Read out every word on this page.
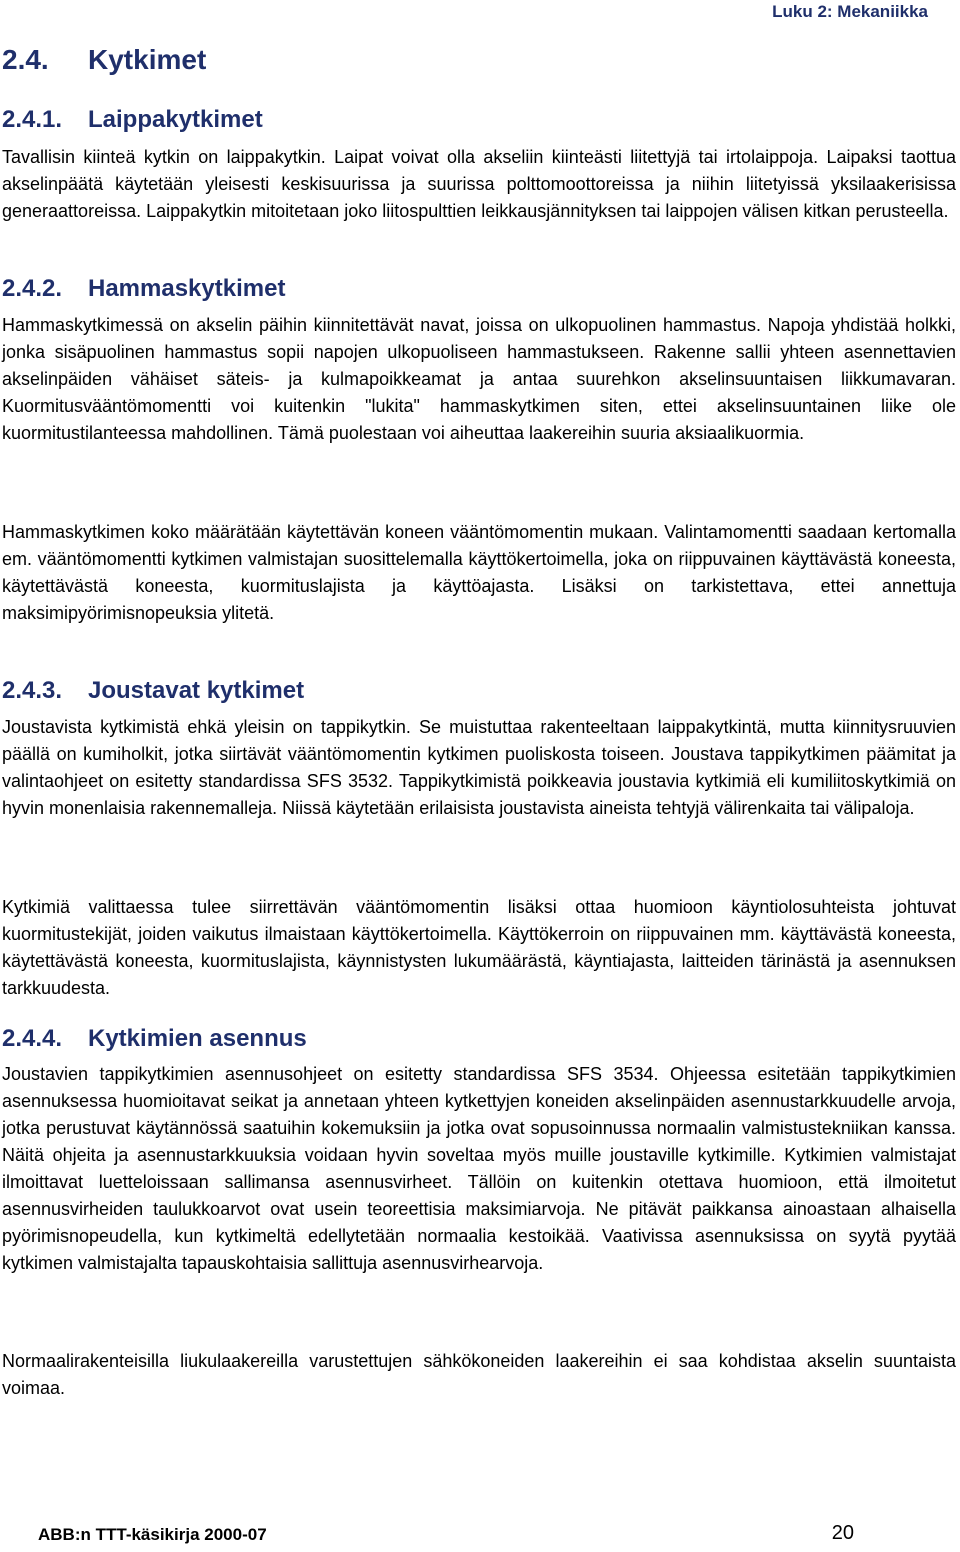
Luku 2: Mekaniikka
2.4. Kytkimet
2.4.1. Laippakytkimet

Tavallisin kiinteä kytkin on laippakytkin. Laipat voivat olla akseliin kiinteästi liitettyjä tai irtolaippoja. Laipaksi taottua akselinpäätä käytetään yleisesti keskisuurissa ja suurissa polttomoottoreissa ja niihin liitetyissä yksilaakerisissa generaattoreissa. Laippakytkin mitoitetaan joko liitospulttien leikkausjännityksen tai laippojen välisen kitkan perusteella.

2.4.2. Hammaskytkimet

Hammaskytkimessä on akselin päihin kiinnitettävät navat, joissa on ulkopuolinen hammastus. Napoja yhdistää holkki, jonka sisäpuolinen hammastus sopii napojen ulkopuoliseen hammastukseen. Rakenne sallii yhteen asennettavien akselinpäiden vähäiset säteis- ja kulmapoikkeamat ja antaa suurehkon akselinsuuntaisen liikkumavaran. Kuormitusvääntömomentti voi kuitenkin "lukita" hammaskytkimen siten, ettei akselinsuuntainen liike ole kuormitustilanteessa mahdollinen. Tämä puolestaan voi aiheuttaa laakereihin suuria aksiaalikuormia.

Hammaskytkimen koko määrätään käytettävän koneen vääntömomentin mukaan. Valintamomentti saadaan kertomalla em. vääntömomentti kytkimen valmistajan suosittelemalla käyttökertoimella, joka on riippuvainen käyttävästä koneesta, käytettävästä koneesta, kuormituslajista ja käyttöajasta. Lisäksi on tarkistettava, ettei annettuja maksimipyörimisnopeuksia ylitetä.

2.4.3. Joustavat kytkimet

Joustavista kytkimistä ehkä yleisin on tappikytkin. Se muistuttaa rakenteeltaan laippakytkintä, mutta kiinnitysruuvien päällä on kumiholkit, jotka siirtävät vääntömomentin kytkimen puoliskosta toiseen. Joustava tappikytkimen päämitat ja valintaohjeet on esitetty standardissa SFS 3532. Tappikytkimistä poikkeavia joustavia kytkimiä eli kumiliitoskytkimiä on hyvin monenlaisia rakennemalleja. Niissä käytetään erilaisista joustavista aineista tehtyjä välirenkaita tai välipaloja.

Kytkimiä valittaessa tulee siirrettävän vääntömomentin lisäksi ottaa huomioon käyntiolosuhteista johtuvat kuormitustekijät, joiden vaikutus ilmaistaan käyttökertoimella. Käyttökerroin on riippuvainen mm. käyttävästä koneesta, käytettävästä koneesta, kuormituslajista, käynnistysten lukumäärästä, käyntiajasta, laitteiden tärinästä ja asennuksen tarkkuudesta.

2.4.4. Kytkimien asennus

Joustavien tappikytkimien asennusohjeet on esitetty standardissa SFS 3534. Ohjeessa esitetään tappikytkimien asennuksessa huomioitavat seikat ja annetaan yhteen kytkettyjen koneiden akselinpäiden asennustarkkuudelle arvoja, jotka perustuvat käytännössä saatuihin kokemuksiin ja jotka ovat sopusoinnussa normaalin valmistustekniikan kanssa. Näitä ohjeita ja asennustarkkuuksia voidaan hyvin soveltaa myös muille joustaville kytkimille. Kytkimien valmistajat ilmoittavat luetteloissaan sallimansa asennusvirheet. Tällöin on kuitenkin otettava huomioon, että ilmoitetut asennusvirheiden taulukkoarvot ovat usein teoreettisia maksimiarvoja. Ne pitävät paikkansa ainoastaan alhaisella pyörimisnopeudella, kun kytkimeltä edellytetään normaalia kestoikää. Vaativissa asennuksissa on syytä pyytää kytkimen valmistajalta tapauskohtaisia sallittuja asennusvirhearvoja.

Normaalirakenteisilla liukulaakereilla varustettujen sähkökoneiden laakereihin ei saa kohdistaa akselin suuntaista voimaa.

ABB:n TTT-käsikirja 2000-07	20
